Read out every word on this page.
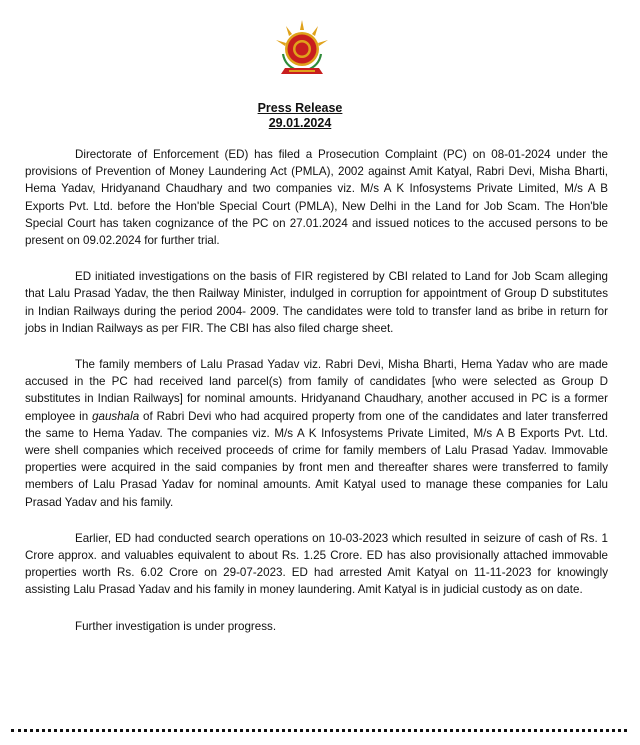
Press Release
29.01.2024

Directorate of Enforcement (ED) has filed a Prosecution Complaint (PC) on 08-01-2024 under the provisions of Prevention of Money Laundering Act (PMLA), 2002 against Amit Katyal, Rabri Devi, Misha Bharti, Hema Yadav, Hridyanand Chaudhary and two companies viz. M/s A K Infosystems Private Limited, M/s A B Exports Pvt. Ltd. before the Hon'ble Special Court (PMLA), New Delhi in the Land for Job Scam. The Hon'ble Special Court has taken cognizance of the PC on 27.01.2024 and issued notices to the accused persons to be present on 09.02.2024 for further trial.

ED initiated investigations on the basis of FIR registered by CBI related to Land for Job Scam alleging that Lalu Prasad Yadav, the then Railway Minister, indulged in corruption for appointment of Group D substitutes in Indian Railways during the period 2004- 2009. The candidates were told to transfer land as bribe in return for jobs in Indian Railways as per FIR. The CBI has also filed charge sheet.

The family members of Lalu Prasad Yadav viz. Rabri Devi, Misha Bharti, Hema Yadav who are made accused in the PC had received land parcel(s) from family of candidates [who were selected as Group D substitutes in Indian Railways] for nominal amounts. Hridyanand Chaudhary, another accused in PC is a former employee in gaushala of Rabri Devi who had acquired property from one of the candidates and later transferred the same to Hema Yadav. The companies viz. M/s A K Infosystems Private Limited, M/s A B Exports Pvt. Ltd. were shell companies which received proceeds of crime for family members of Lalu Prasad Yadav. Immovable properties were acquired in the said companies by front men and thereafter shares were transferred to family members of Lalu Prasad Yadav for nominal amounts. Amit Katyal used to manage these companies for Lalu Prasad Yadav and his family.

Earlier, ED had conducted search operations on 10-03-2023 which resulted in seizure of cash of Rs. 1 Crore approx. and valuables equivalent to about Rs. 1.25 Crore. ED has also provisionally attached immovable properties worth Rs. 6.02 Crore on 29-07-2023. ED had arrested Amit Katyal on 11-11-2023 for knowingly assisting Lalu Prasad Yadav and his family in money laundering. Amit Katyal is in judicial custody as on date.

Further investigation is under progress.
